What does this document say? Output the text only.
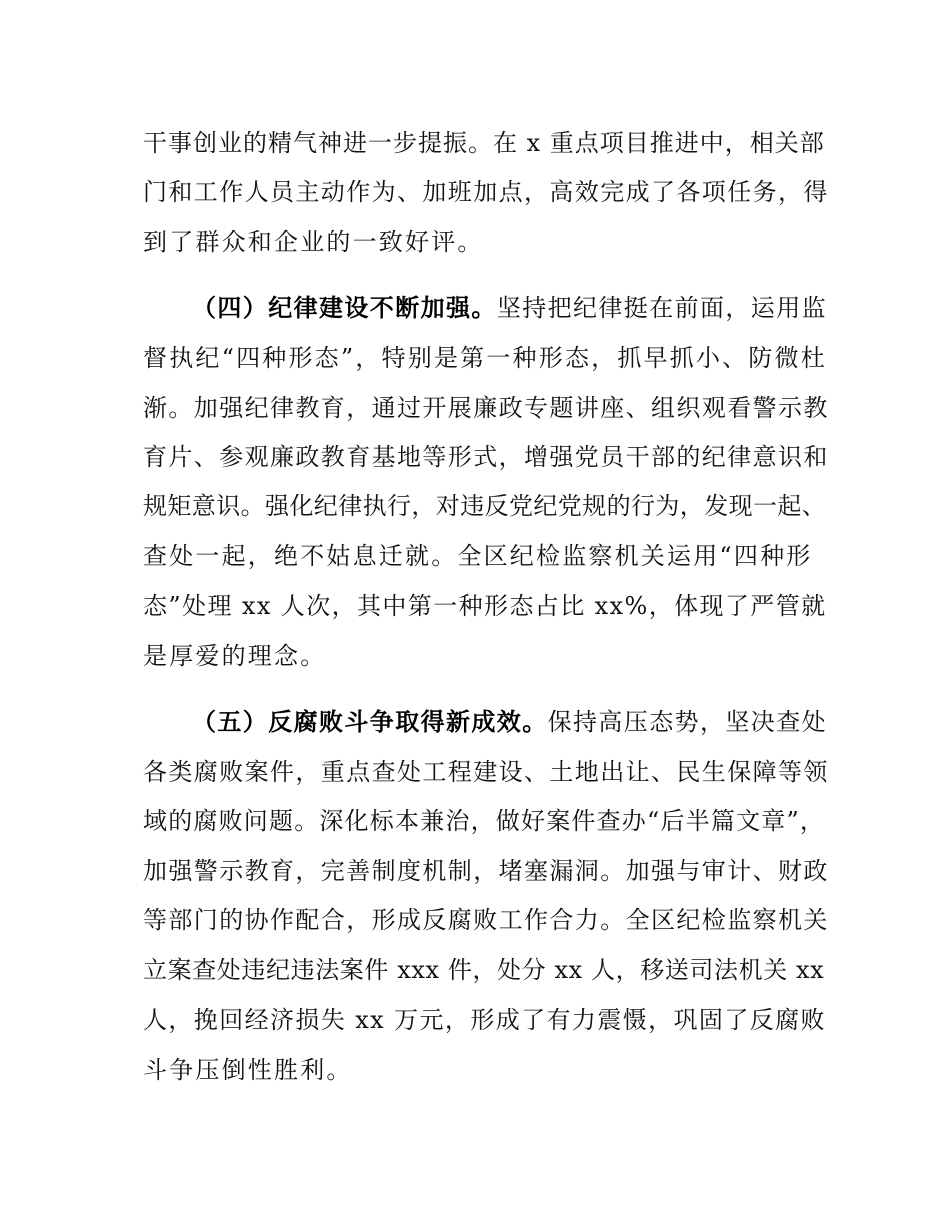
干事创业的精气神进一步提振。在 x 重点项目推进中，相关部

门和工作人员主动作为、加班加点，高效完成了各项任务，得

到了群众和企业的一致好评。

（四）纪律建设不断加强。坚持把纪律挺在前面，运用监

督执纪“四种形态”，特别是第一种形态，抓早抓小、防微杜

渐。加强纪律教育，通过开展廉政专题讲座、组织观看警示教

育片、参观廉政教育基地等形式，增强党员干部的纪律意识和

规矩意识。强化纪律执行，对违反党纪党规的行为，发现一起、

查处一起，绝不姑息迁就。全区纪检监察机关运用“四种形

态”处理 xx 人次，其中第一种形态占比 xx%，体现了严管就

是厚爱的理念。

（五）反腐败斗争取得新成效。保持高压态势，坚决查处

各类腐败案件，重点查处工程建设、土地出让、民生保障等领

域的腐败问题。深化标本兼治，做好案件查办“后半篇文章”，

加强警示教育，完善制度机制，堵塞漏洞。加强与审计、财政

等部门的协作配合，形成反腐败工作合力。全区纪检监察机关

立案查处违纪违法案件 xxx 件，处分 xx 人，移送司法机关 xx

人，挽回经济损失 xx 万元，形成了有力震慑，巩固了反腐败

斗争压倒性胜利。
